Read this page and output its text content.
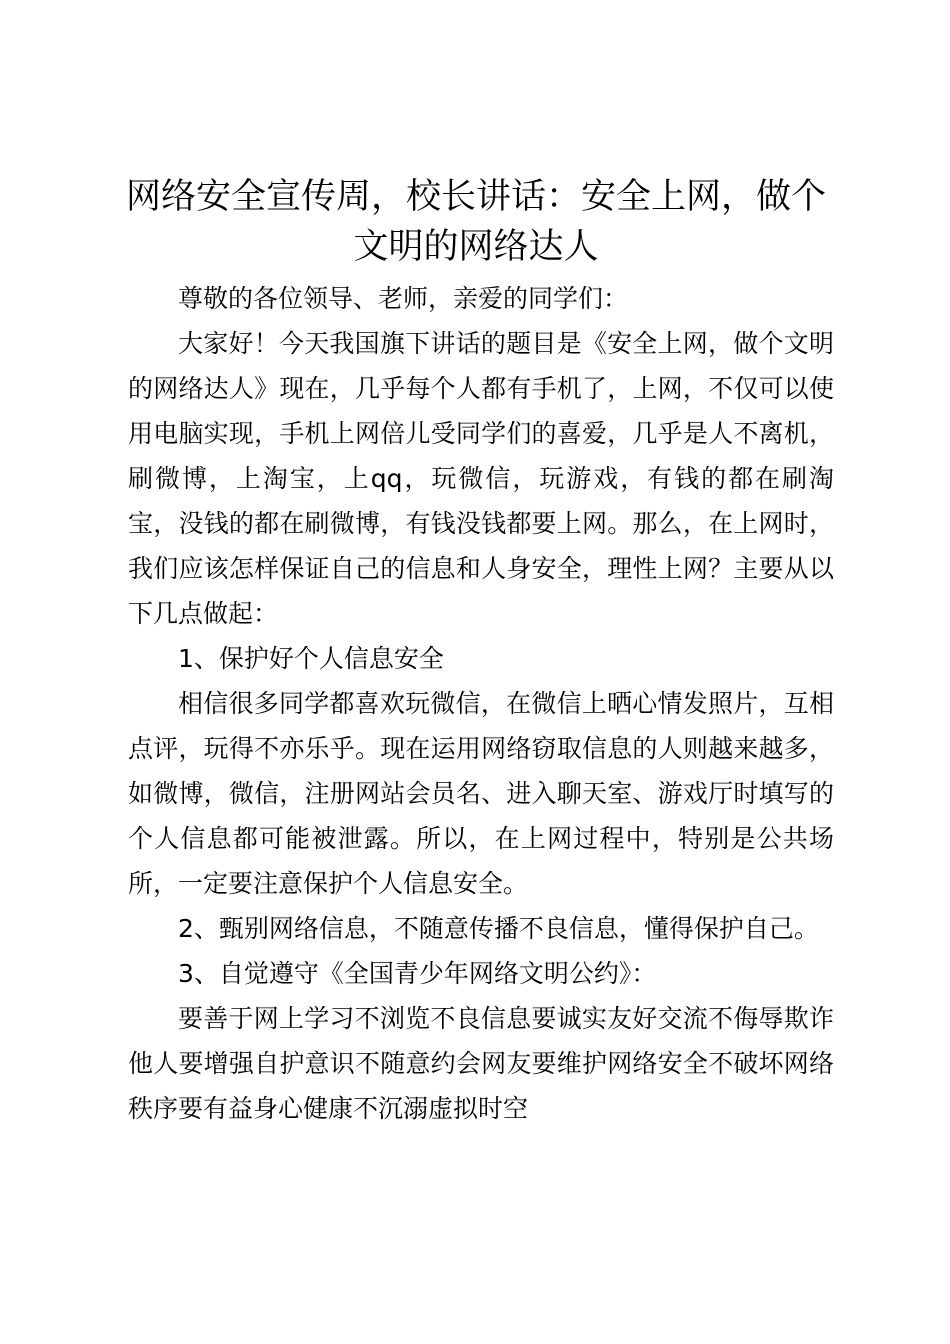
网络安全宣传周，校长讲话：安全上网，做个文明的网络达人

尊敬的各位领导、老师，亲爱的同学们：

大家好！今天我国旗下讲话的题目是《安全上网，做个文明的网络达人》现在，几乎每个人都有手机了，上网，不仅可以使用电脑实现，手机上网倍儿受同学们的喜爱，几乎是人不离机，刷微博，上淘宝，上qq，玩微信，玩游戏，有钱的都在刷淘宝，没钱的都在刷微博，有钱没钱都要上网。那么，在上网时，我们应该怎样保证自己的信息和人身安全，理性上网？主要从以下几点做起：

1、保护好个人信息安全

相信很多同学都喜欢玩微信，在微信上晒心情发照片，互相点评，玩得不亦乐乎。现在运用网络窃取信息的人则越来越多，如微博，微信，注册网站会员名、进入聊天室、游戏厅时填写的个人信息都可能被泄露。所以，在上网过程中，特别是公共场所，一定要注意保护个人信息安全。

2、甄别网络信息，不随意传播不良信息，懂得保护自己。

3、自觉遵守《全国青少年网络文明公约》：

要善于网上学习不浏览不良信息要诚实友好交流不侮辱欺诈他人要增强自护意识不随意约会网友要维护网络安全不破坏网络秩序要有益身心健康不沉溺虚拟时空
